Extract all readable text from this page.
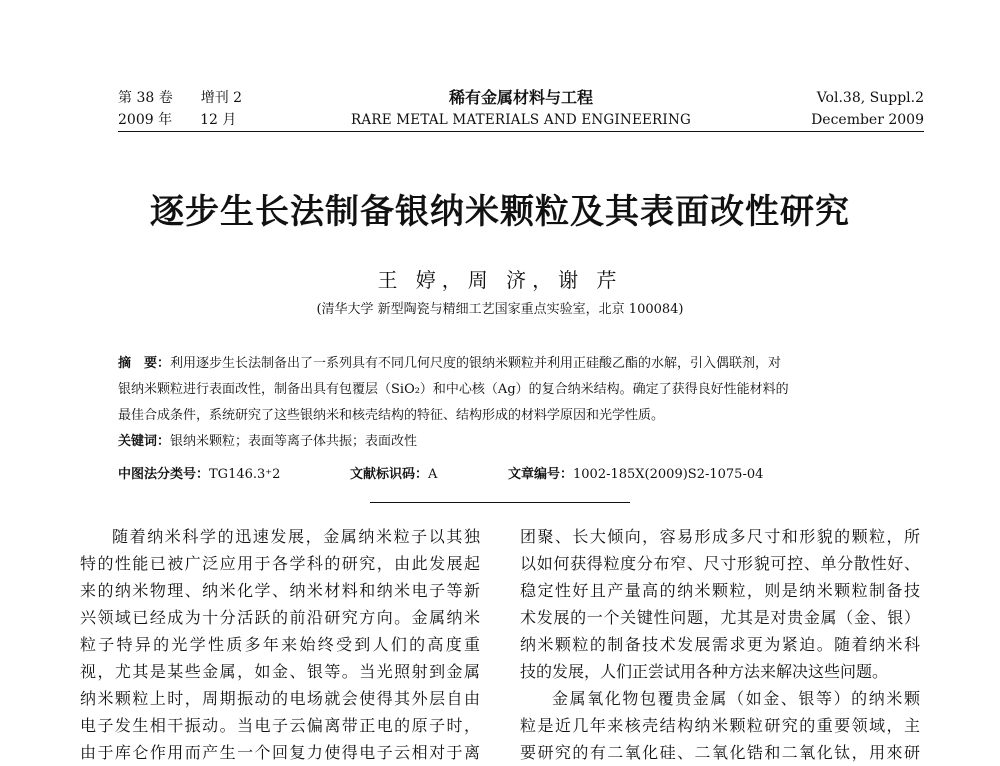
第 38 卷 增刊 2	稀有金属材料与工程	Vol.38, Suppl.2
2009 年 12 月	RARE METAL MATERIALS AND ENGINEERING	December 2009
逐步生长法制备银纳米颗粒及其表面改性研究
王 婷，周 济，谢 芹
(清华大学 新型陶瓷与精细工艺国家重点实验室，北京 100084)
摘　要：利用逐步生长法制备出了一系列具有不同几何尺度的银纳米颗粒并利用正硅酸乙酯的水解，引入偶联剂，对
银纳米颗粒进行表面改性，制备出具有包覆层（SiO₂）和中心核（Ag）的复合纳米结构。确定了获得良好性能材料的
最佳合成条件，系统研究了这些银纳米和核壳结构的特征、结构形成的材料学原因和光学性质。
关键词：银纳米颗粒；表面等离子体共振；表面改性
中图法分类号：TG146.3⁺2	文献标识码：A	文章编号：1002-185X(2009)S2-1075-04
随着纳米科学的迅速发展，金属纳米粒子以其独
特的性能已被广泛应用于各学科的研究，由此发展起
来的纳米物理、纳米化学、纳米材料和纳米电子等新
兴领域已经成为十分活跃的前沿研究方向。金属纳米
粒子特异的光学性质多年来始终受到人们的高度重
视，尤其是某些金属，如金、银等。当光照射到金属
纳米颗粒上时，周期振动的电场就会使得其外层自由
电子发生相干振动。当电子云偏离带正电的原子时，
由于库仑作用而产生一个回复力使得电子云相对于离
团聚、长大倾向，容易形成多尺寸和形貌的颗粒，所
以如何获得粒度分布窄、尺寸形貌可控、单分散性好、
稳定性好且产量高的纳米颗粒，则是纳米颗粒制备技
术发展的一个关键性问题，尤其是对贵金属（金、银）
纳米颗粒的制备技术发展需求更为紧迫。随着纳米科
技的发展，人们正尝试用各种方法来解决这些问题。
金属氧化物包覆贵金属（如金、银等）的纳米颗
粒是近几年来核壳结构纳米颗粒研究的重要领域，主
要研究的有二氧化硅、二氧化锆和二氧化钛，用來研
